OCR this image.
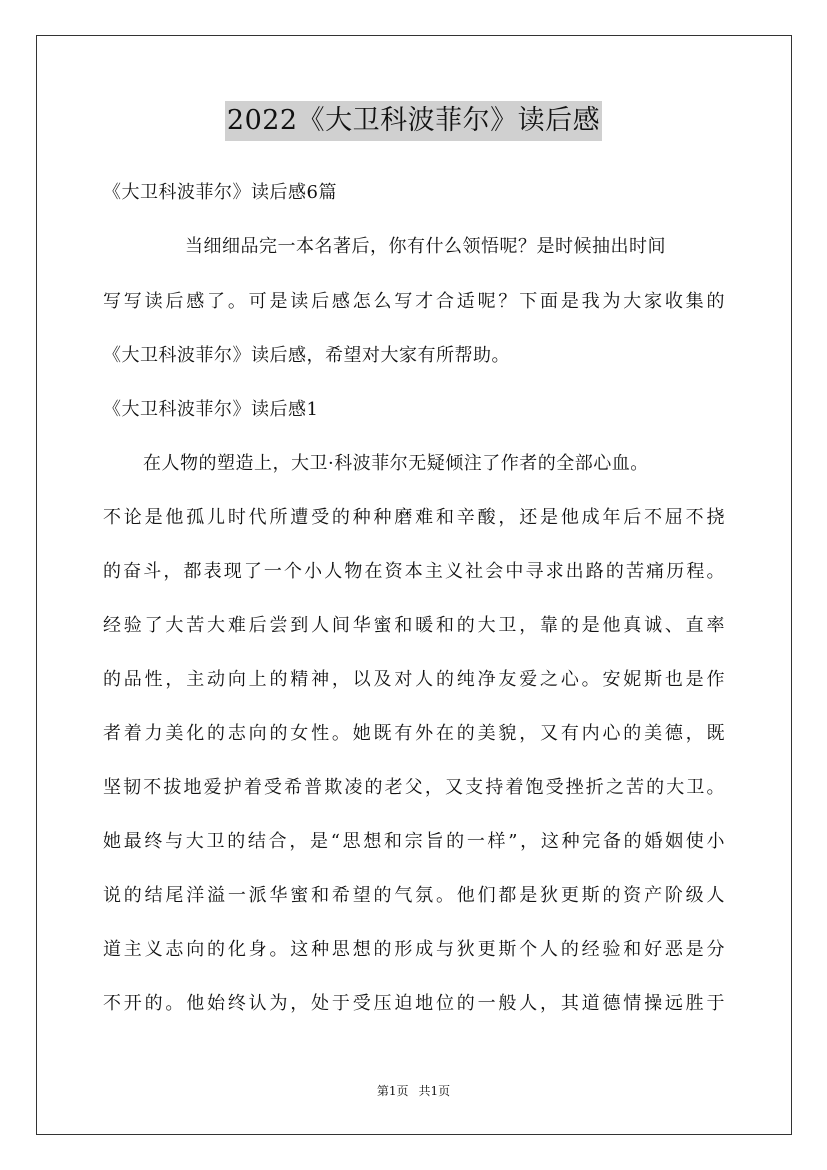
2022《大卫科波菲尔》读后感
《大卫科波菲尔》读后感6篇
当细细品完一本名著后，你有什么领悟呢？是时候抽出时间
写写读后感了。可是读后感怎么写才合适呢？下面是我为大家收集的
《大卫科波菲尔》读后感，希望对大家有所帮助。
《大卫科波菲尔》读后感1
在人物的塑造上，大卫·科波菲尔无疑倾注了作者的全部心血。
不论是他孤儿时代所遭受的种种磨难和辛酸，还是他成年后不屈不挠
的奋斗，都表现了一个小人物在资本主义社会中寻求出路的苦痛历程。
经验了大苦大难后尝到人间华蜜和暖和的大卫，靠的是他真诚、直率
的品性，主动向上的精神，以及对人的纯净友爱之心。安妮斯也是作
者着力美化的志向的女性。她既有外在的美貌，又有内心的美德，既
坚韧不拔地爱护着受希普欺凌的老父，又支持着饱受挫折之苦的大卫。
她最终与大卫的结合，是“思想和宗旨的一样”，这种完备的婚姻使小
说的结尾洋溢一派华蜜和希望的气氛。他们都是狄更斯的资产阶级人
道主义志向的化身。这种思想的形成与狄更斯个人的经验和好恶是分
不开的。他始终认为，处于受压迫地位的一般人，其道德情操远胜于
第1页 共1页
